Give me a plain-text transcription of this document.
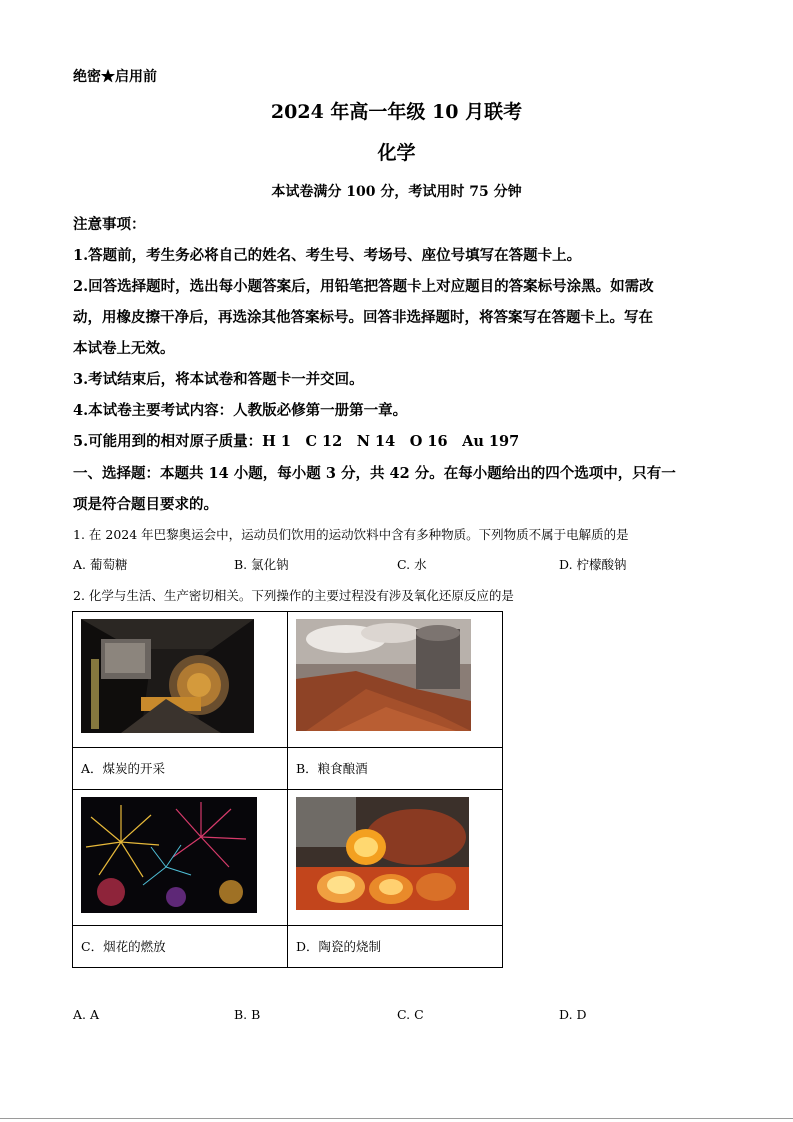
绝密★启用前
2024 年高一年级 10 月联考
化学
本试卷满分 100 分，考试用时 75 分钟
注意事项：
1.答题前，考生务必将自己的姓名、考生号、考场号、座位号填写在答题卡上。
2.回答选择题时，选出每小题答案后，用铅笔把答题卡上对应题目的答案标号涂黑。如需改
动，用橡皮擦干净后，再选涂其他答案标号。回答非选择题时，将答案写在答题卡上。写在
本试卷上无效。
3.考试结束后，将本试卷和答题卡一并交回。
4.本试卷主要考试内容：人教版必修第一册第一章。
5.可能用到的相对原子质量：H 1　C 12　N 14　O 16　Au 197
一、选择题：本题共 14 小题，每小题 3 分，共 42 分。在每小题给出的四个选项中，只有一
项是符合题目要求的。
1. 在 2024 年巴黎奥运会中，运动员们饮用的运动饮料中含有多种物质。下列物质不属于电解质的是
A. 葡萄糖	B. 氯化钠	C. 水	D. 柠檬酸钠
2. 化学与生活、生产密切相关。下列操作的主要过程没有涉及氧化还原反应的是

A．煤炭的开采	B．粮食酿酒

C．烟花的燃放	D．陶瓷的烧制
A. A	B. B	C. C	D. D
